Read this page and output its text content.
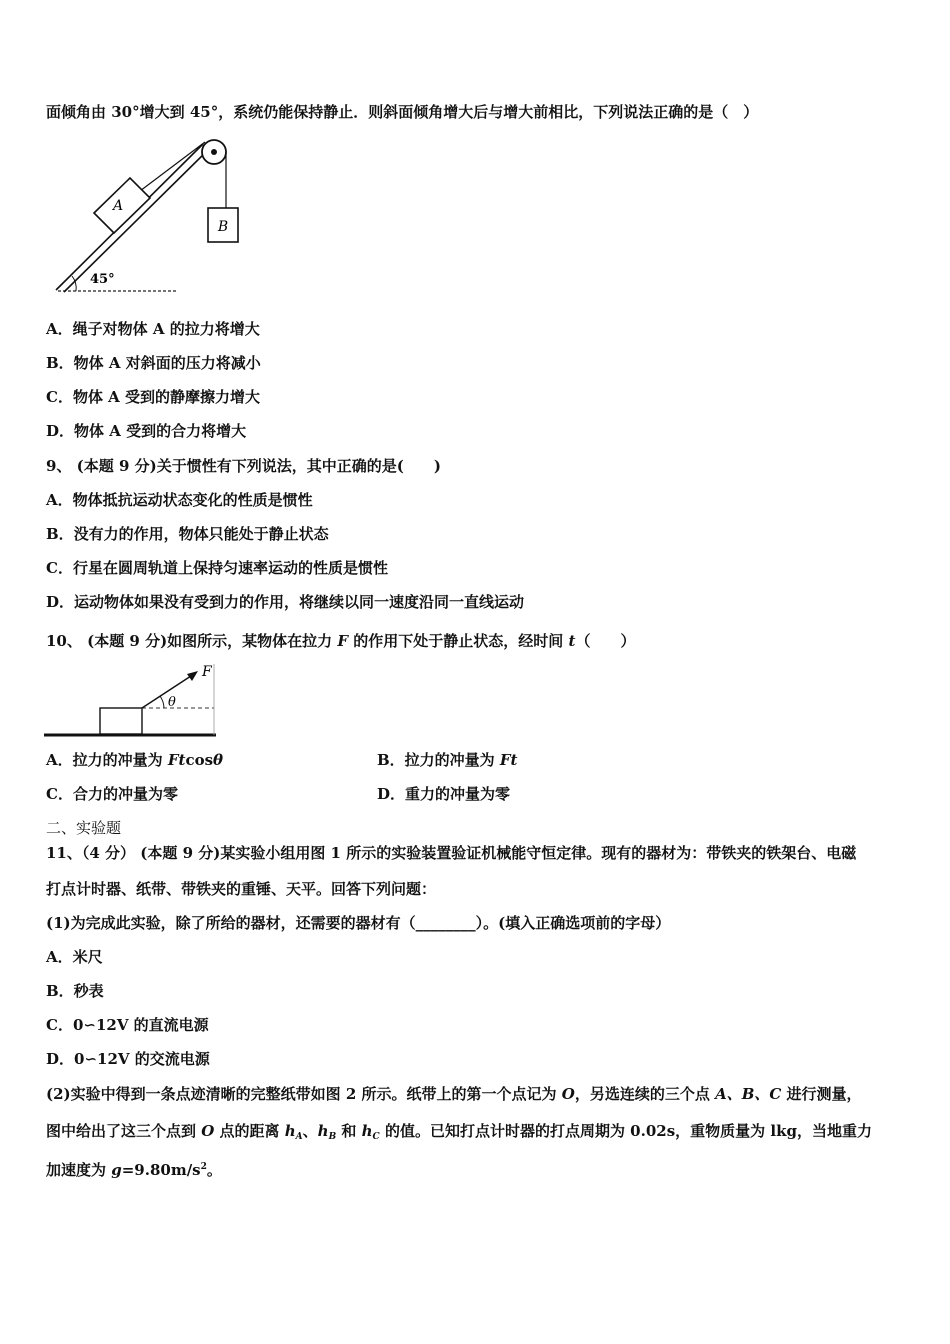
面倾角由 30°增大到 45°，系统仍能保持静止．则斜面倾角增大后与增大前相比，下列说法正确的是（　）
A
B
45°
A．绳子对物体 A 的拉力将增大
B．物体 A 对斜面的压力将减小
C．物体 A 受到的静摩擦力增大
D．物体 A 受到的合力将增大
9、 (本题 9 分)关于惯性有下列说法，其中正确的是(　　)
A．物体抵抗运动状态变化的性质是惯性
B．没有力的作用，物体只能处于静止状态
C．行星在圆周轨道上保持匀速率运动的性质是惯性
D．运动物体如果没有受到力的作用，将继续以同一速度沿同一直线运动
10、 (本题 9 分)如图所示，某物体在拉力 F 的作用下处于静止状态，经时间 t（　　）
F
θ
A．拉力的冲量为 Ftcosθ	B．拉力的冲量为 Ft
C．合力的冲量为零	D．重力的冲量为零
二、实验题
11、（4 分） (本题 9 分)某实验小组用图 1 所示的实验装置验证机械能守恒定律。现有的器材为：带铁夹的铁架台、电磁
打点计时器、纸带、带铁夹的重锤、天平。回答下列问题：
(1)为完成此实验，除了所给的器材，还需要的器材有（________）。(填入正确选项前的字母）
A．米尺
B．秒表
C．0∽12V 的直流电源
D．0∽12V 的交流电源
(2)实验中得到一条点迹清晰的完整纸带如图 2 所示。纸带上的第一个点记为 O，另选连续的三个点 A、B、C 进行测量，
图中给出了这三个点到 O 点的距离 $h_A$、$h_B$ 和 $h_C$ 的值。已知打点计时器的打点周期为 0.02s，重物质量为 lkg，当地重力
加速度为 $g=9.80m/s^2$。
